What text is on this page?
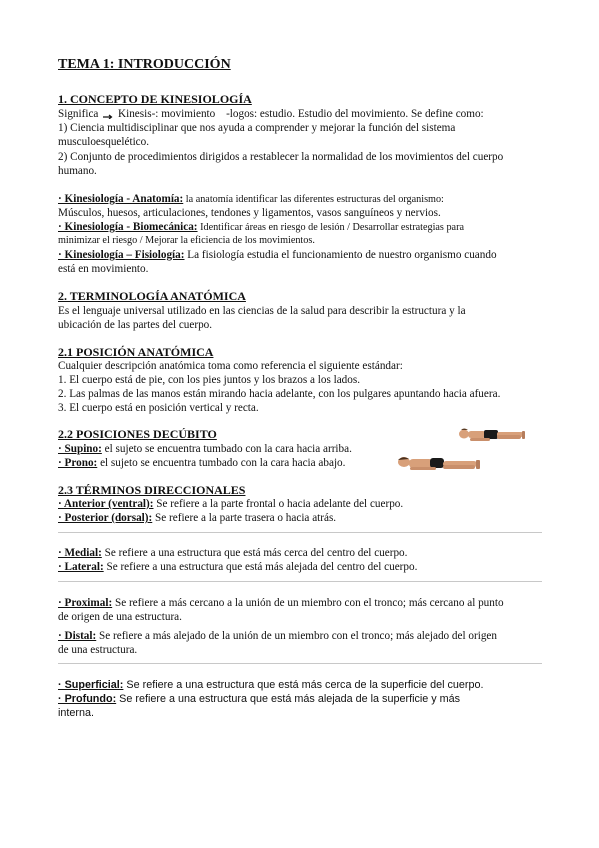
TEMA 1: INTRODUCCIÓN
1. CONCEPTO DE KINESIOLOGÍA
Significa Kinesis-: movimiento -logos: estudio. Estudio del movimiento. Se define como:
1) Ciencia multidisciplinar que nos ayuda a comprender y mejorar la función del sistema
musculoesquelético.
2) Conjunto de procedimientos dirigidos a restablecer la normalidad de los movimientos del cuerpo
humano.
· Kinesiología - Anatomía: la anatomía identificar las diferentes estructuras del organismo:
Músculos, huesos, articulaciones, tendones y ligamentos, vasos sanguíneos y nervios.
· Kinesiología - Biomecánica: Identificar áreas en riesgo de lesión / Desarrollar estrategias para
minimizar el riesgo / Mejorar la eficiencia de los movimientos.
· Kinesiología – Fisiología: La fisiología estudia el funcionamiento de nuestro organismo cuando
está en movimiento.
2. TERMINOLOGÍA ANATÓMICA
Es el lenguaje universal utilizado en las ciencias de la salud para describir la estructura y la
ubicación de las partes del cuerpo.
2.1 POSICIÓN ANATÓMICA
Cualquier descripción anatómica toma como referencia el siguiente estándar:
1. El cuerpo está de pie, con los pies juntos y los brazos a los lados.
2. Las palmas de las manos están mirando hacia adelante, con los pulgares apuntando hacia afuera.
3. El cuerpo está en posición vertical y recta.
2.2 POSICIONES DECÚBITO
· Supino: el sujeto se encuentra tumbado con la cara hacia arriba.
· Prono: el sujeto se encuentra tumbado con la cara hacia abajo.
2.3 TÉRMINOS DIRECCIONALES
· Anterior (ventral): Se refiere a la parte frontal o hacia adelante del cuerpo.
· Posterior (dorsal): Se refiere a la parte trasera o hacia atrás.
· Medial: Se refiere a una estructura que está más cerca del centro del cuerpo.
· Lateral: Se refiere a una estructura que está más alejada del centro del cuerpo.
· Proximal: Se refiere a más cercano a la unión de un miembro con el tronco; más cercano al punto
de origen de una estructura.
· Distal: Se refiere a más alejado de la unión de un miembro con el tronco; más alejado del origen
de una estructura.
· Superficial: Se refiere a una estructura que está más cerca de la superficie del cuerpo.
· Profundo: Se refiere a una estructura que está más alejada de la superficie y más
interna.
